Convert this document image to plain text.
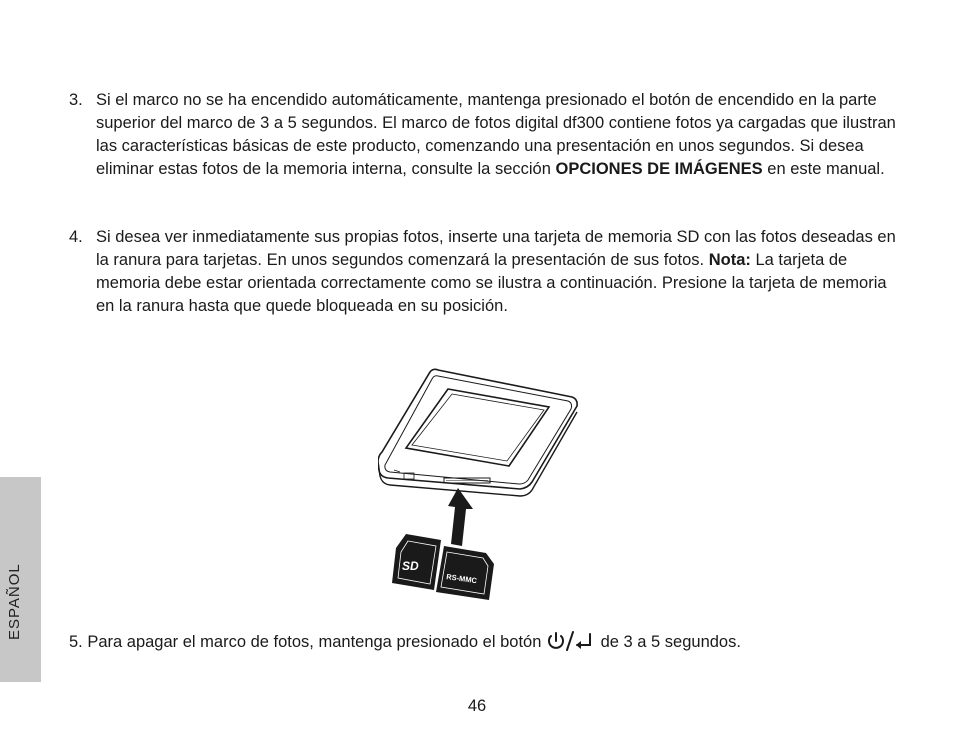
ESPAÑOL
3. Si el marco no se ha encendido automáticamente, mantenga presionado el botón de encendido en la parte superior del marco de 3 a 5 segundos. El marco de fotos digital df300 contiene fotos ya cargadas que ilustran las características básicas de este producto, comenzando una presentación en unos segundos. Si desea eliminar estas fotos de la memoria interna, consulte la sección OPCIONES DE IMÁGENES en este manual.
4. Si desea ver inmediatamente sus propias fotos, inserte una tarjeta de memoria SD con las fotos deseadas en la ranura para tarjetas. En unos segundos comenzará la presentación de sus fotos. Nota: La tarjeta de memoria debe estar orientada correctamente como se ilustra a continuación. Presione la tarjeta de memoria en la ranura hasta que quede bloqueada en su posición.
SD
RS-MMC
5. Para apagar el marco de fotos, mantenga presionado el botón	de 3 a 5 segundos.
46
